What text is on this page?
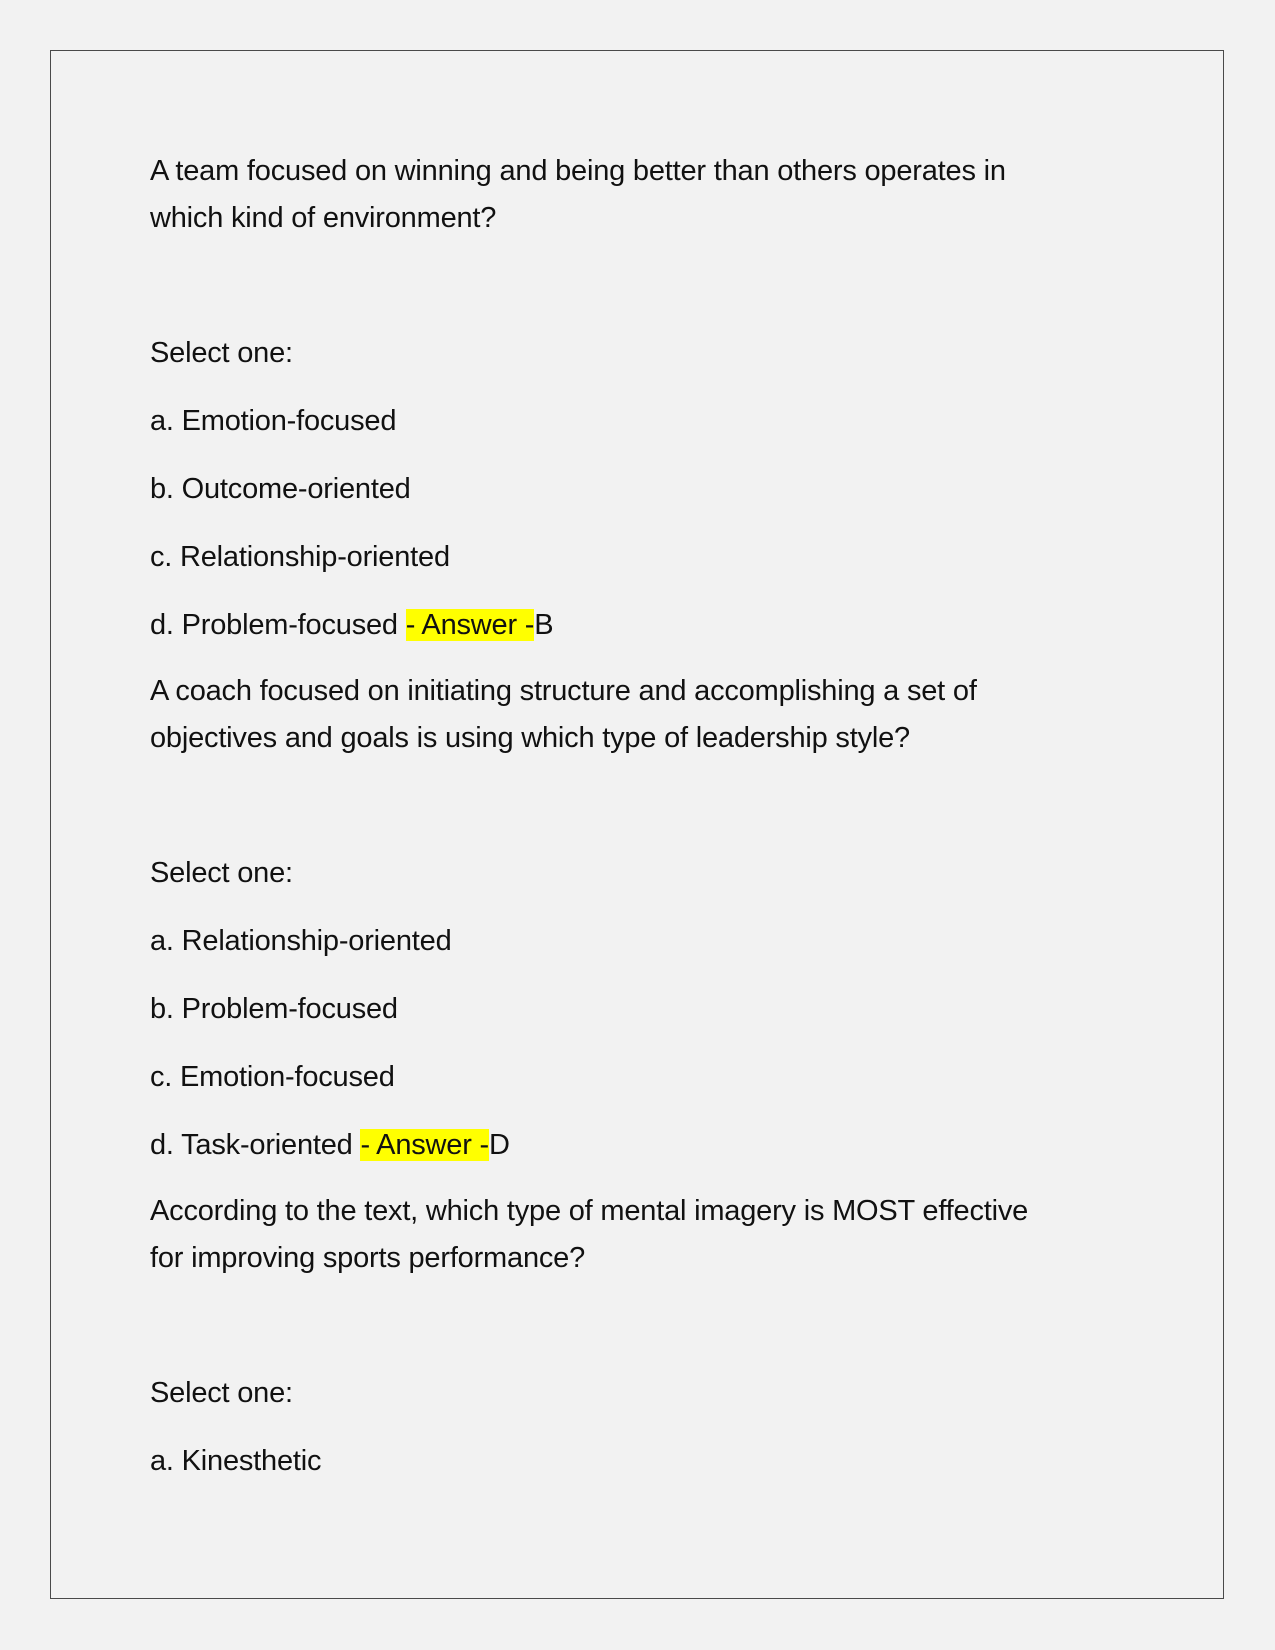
A team focused on winning and being better than others operates in

which kind of environment?

Select one:

a. Emotion-focused

b. Outcome-oriented

c. Relationship-oriented

d. Problem-focused - Answer -B

A coach focused on initiating structure and accomplishing a set of

objectives and goals is using which type of leadership style?

Select one:

a. Relationship-oriented

b. Problem-focused

c. Emotion-focused

d. Task-oriented - Answer -D

According to the text, which type of mental imagery is MOST effective

for improving sports performance?

Select one:

a. Kinesthetic
